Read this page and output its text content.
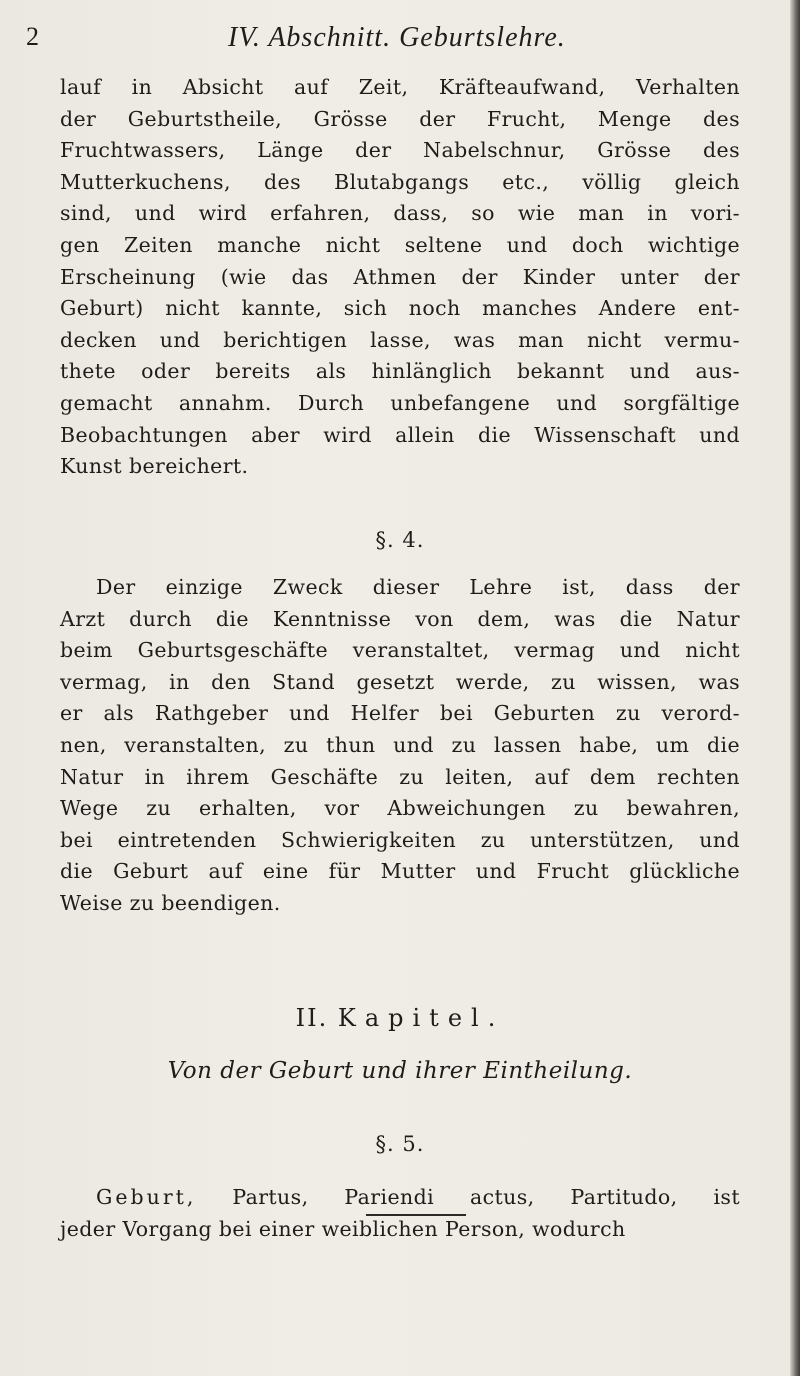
2	IV. Abschnitt. Geburtslehre.

lauf in Absicht auf Zeit, Kräfteaufwand, Verhalten

der Geburtstheile, Grösse der Frucht, Menge des

Fruchtwassers, Länge der Nabelschnur, Grösse des

Mutterkuchens, des Blutabgangs etc., völlig gleich

sind, und wird erfahren, dass, so wie man in vori-

gen Zeiten manche nicht seltene und doch wichtige

Erscheinung (wie das Athmen der Kinder unter der

Geburt) nicht kannte, sich noch manches Andere ent-

decken und berichtigen lasse, was man nicht vermu-

thete oder bereits als hinlänglich bekannt und aus-

gemacht annahm. Durch unbefangene und sorgfältige

Beobachtungen aber wird allein die Wissenschaft und

Kunst bereichert.

§. 4.

Der einzige Zweck dieser Lehre ist, dass der

Arzt durch die Kenntnisse von dem, was die Natur

beim Geburtsgeschäfte veranstaltet, vermag und nicht

vermag, in den Stand gesetzt werde, zu wissen, was

er als Rathgeber und Helfer bei Geburten zu verord-

nen, veranstalten, zu thun und zu lassen habe, um die

Natur in ihrem Geschäfte zu leiten, auf dem rechten

Wege zu erhalten, vor Abweichungen zu bewahren,

bei eintretenden Schwierigkeiten zu unterstützen, und

die Geburt auf eine für Mutter und Frucht glückliche

Weise zu beendigen.

II. Kapitel.
Von der Geburt und ihrer Eintheilung.
§. 5.

Geburt, Partus, Pariendi actus, Partitudo, ist

jeder Vorgang bei einer weiblichen Person, wodurch
